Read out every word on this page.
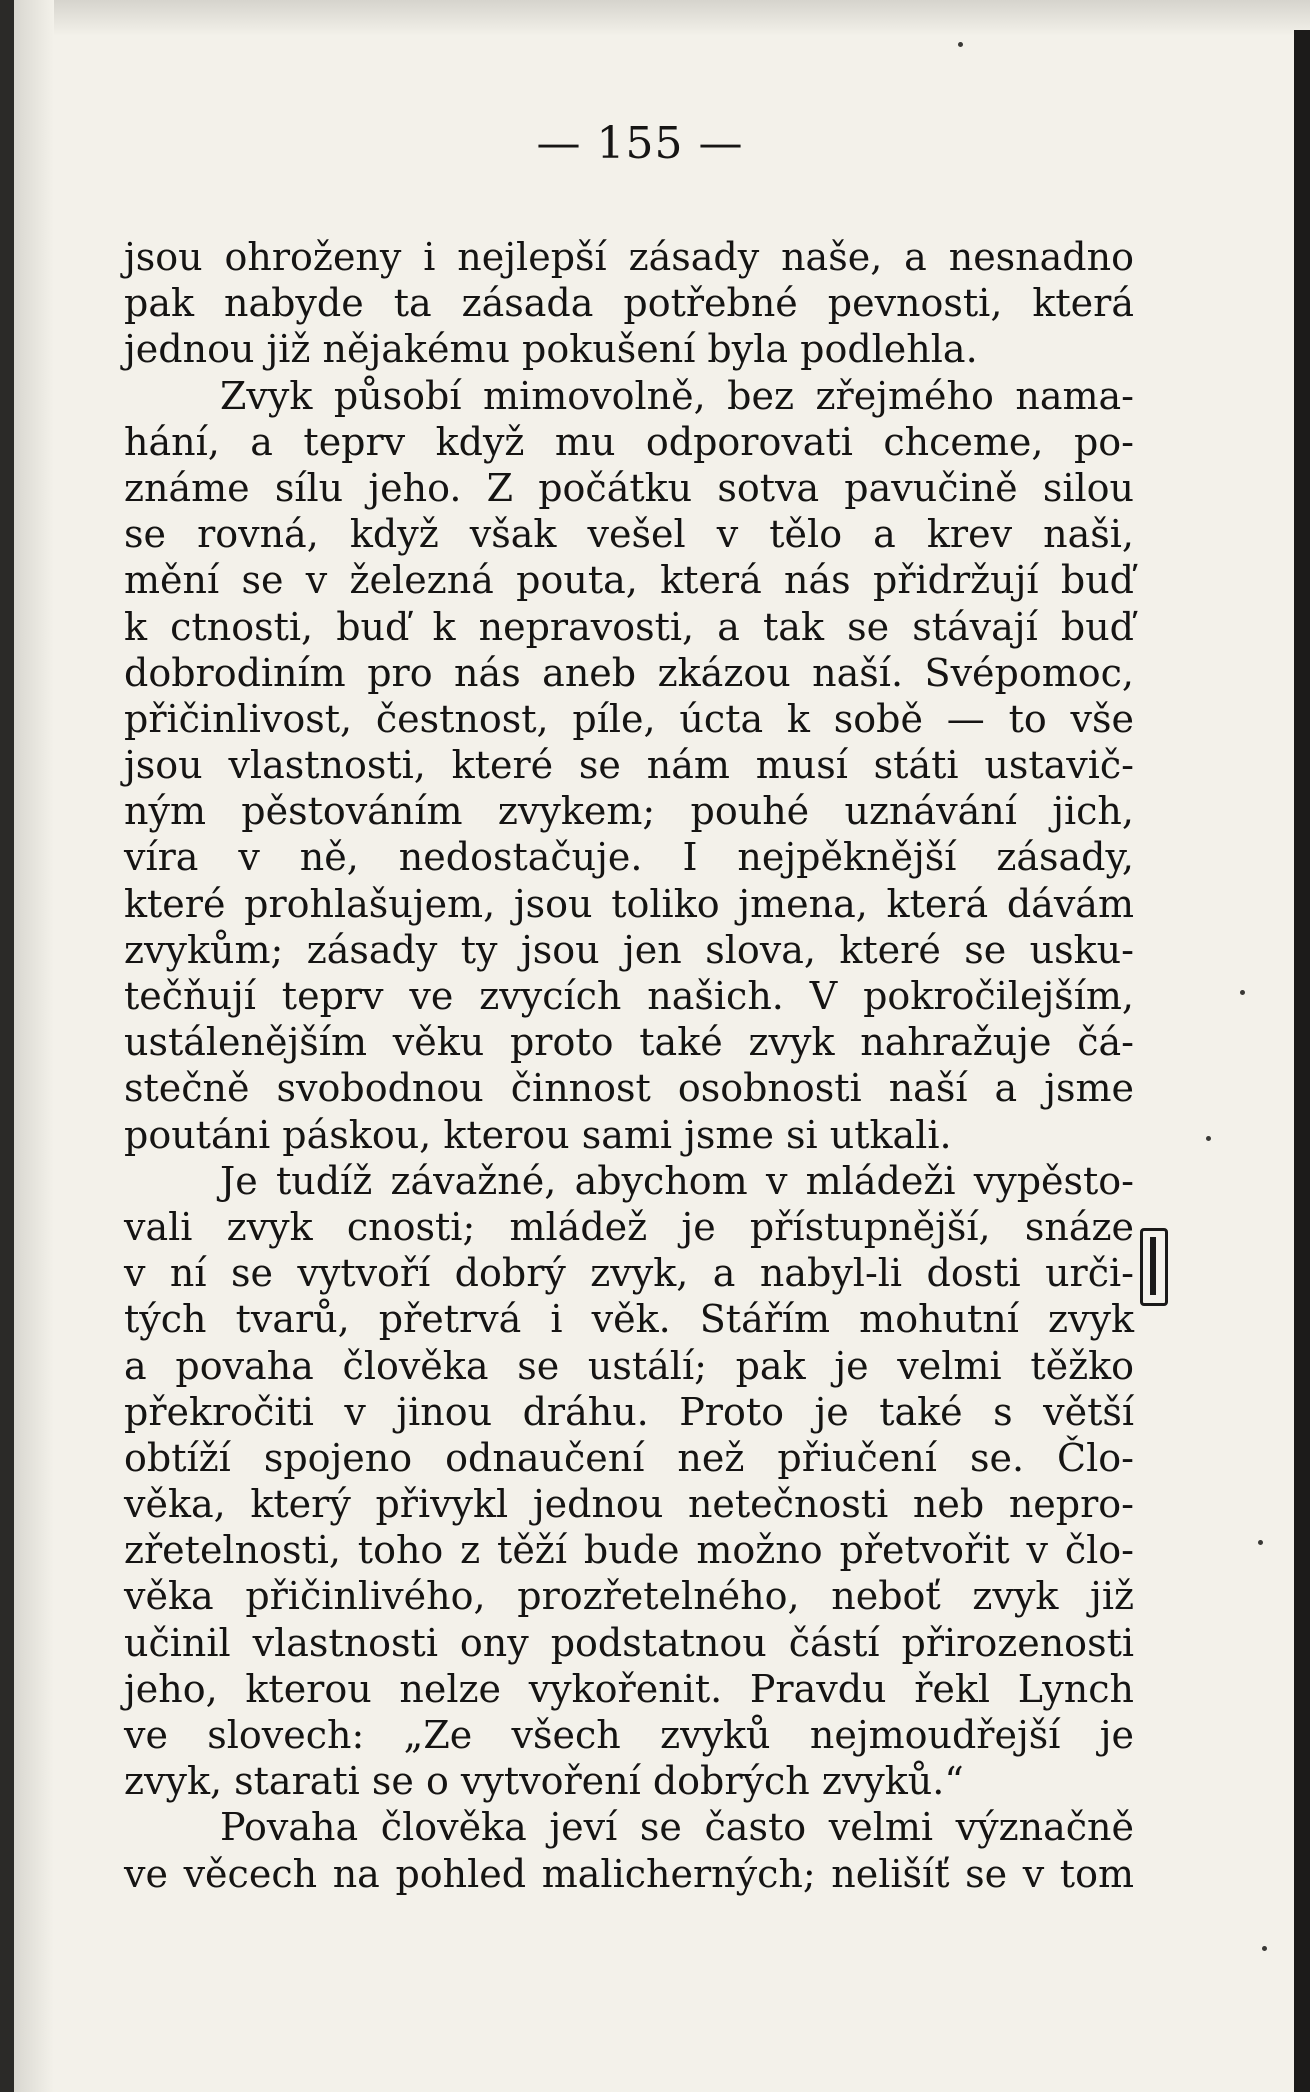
— 155 —
jsou ohroženy i nejlepší zásady naše, a nesnadno
pak nabyde ta zásada potřebné pevnosti, která
jednou již nějakému pokušení byla podlehla.
Zvyk působí mimovolně, bez zřejmého nama-
hání, a teprv když mu odporovati chceme, po-
známe sílu jeho. Z počátku sotva pavučině silou
se rovná, když však vešel v tělo a krev naši,
mění se v železná pouta, která nás přidržují buď
k ctnosti, buď k nepravosti, a tak se stávají buď
dobrodiním pro nás aneb zkázou naší. Svépomoc,
přičinlivost, čestnost, píle, úcta k sobě — to vše
jsou vlastnosti, které se nám musí státi ustavič-
ným pěstováním zvykem; pouhé uznávání jich,
víra v ně, nedostačuje. I nejpěknější zásady,
které prohlašujem, jsou toliko jmena, která dávám
zvykům; zásady ty jsou jen slova, které se usku-
tečňují teprv ve zvycích našich. V pokročilejším,
ustálenějším věku proto také zvyk nahražuje čá-
stečně svobodnou činnost osobnosti naší a jsme
poutáni páskou, kterou sami jsme si utkali.
Je tudíž závažné, abychom v mládeži vypěsto-
vali zvyk cnosti; mládež je přístupnější, snáze
v ní se vytvoří dobrý zvyk, a nabyl-li dosti urči-
tých tvarů, přetrvá i věk. Stářím mohutní zvyk
a povaha člověka se ustálí; pak je velmi těžko
překročiti v jinou dráhu. Proto je také s větší
obtíží spojeno odnaučení než přiučení se. Člo-
věka, který přivykl jednou netečnosti neb nepro-
zřetelnosti, toho z těží bude možno přetvořit v člo-
věka přičinlivého, prozřetelného, neboť zvyk již
učinil vlastnosti ony podstatnou částí přirozenosti
jeho, kterou nelze vykořenit. Pravdu řekl Lynch
ve slovech: „Ze všech zvyků nejmoudřejší je
zvyk, starati se o vytvoření dobrých zvyků.“
Povaha člověka jeví se často velmi význačně
ve věcech na pohled malicherných; nelišíť se v tom
